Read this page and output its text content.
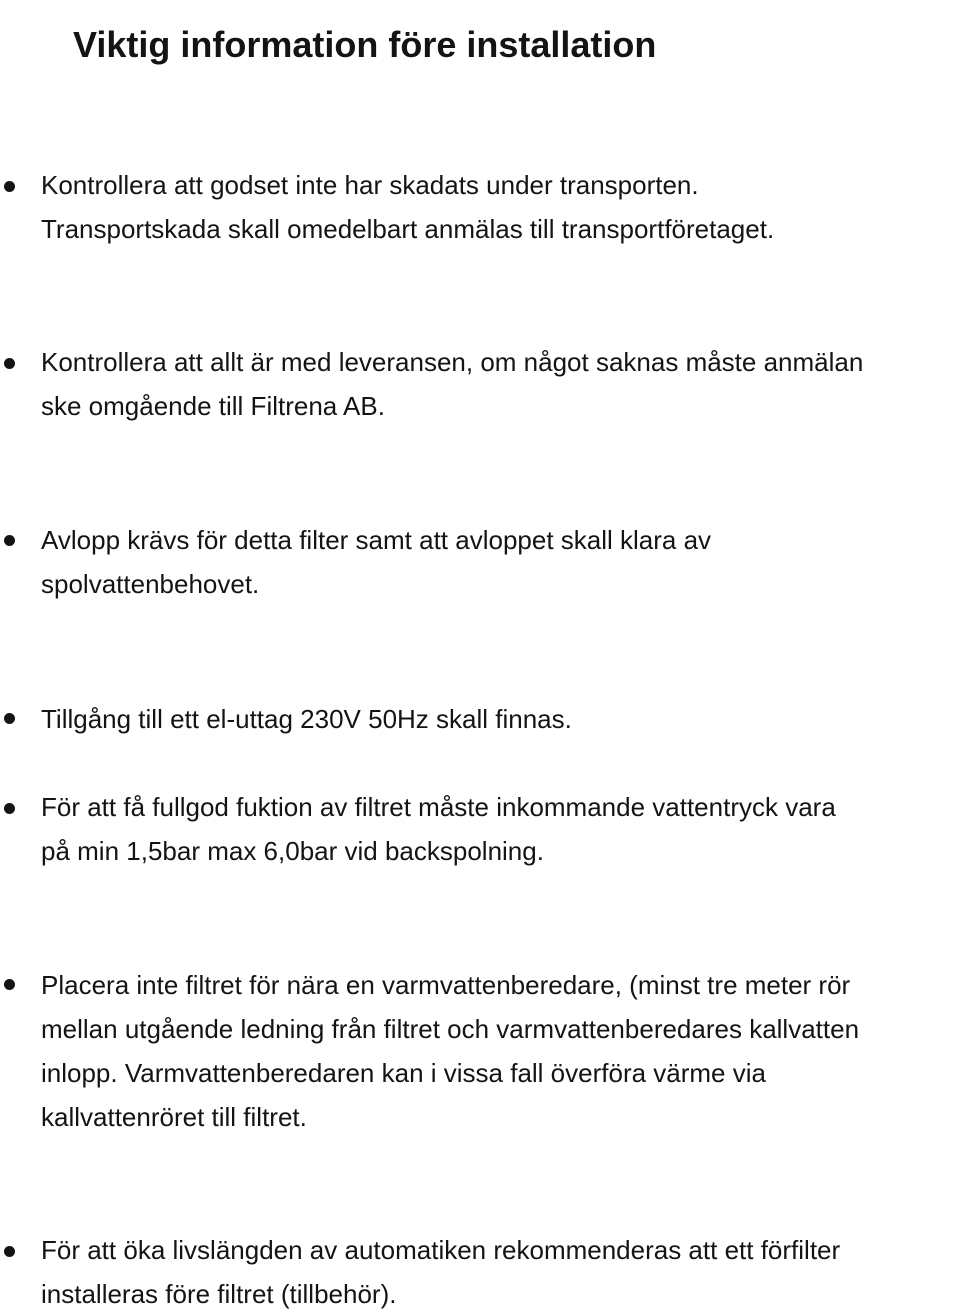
Viktig information före installation
Kontrollera att godset inte har skadats under transporten.
Transportskada skall omedelbart anmälas till transportföretaget.
Kontrollera att allt är med leveransen, om något saknas måste anmälan
ske omgående till Filtrena AB.
Avlopp krävs för detta filter samt att avloppet skall klara av
spolvattenbehovet.
Tillgång till ett el-uttag 230V 50Hz skall finnas.
För att få fullgod fuktion av filtret måste inkommande vattentryck vara
på min 1,5bar max 6,0bar vid backspolning.
Placera inte filtret för nära en varmvattenberedare, (minst tre meter rör
mellan utgående ledning från filtret och varmvattenberedares kallvatten
inlopp. Varmvattenberedaren kan i vissa fall överföra värme via
kallvattenröret till filtret.
För att öka livslängden av automatiken rekommenderas att ett förfilter
installeras före filtret (tillbehör).
